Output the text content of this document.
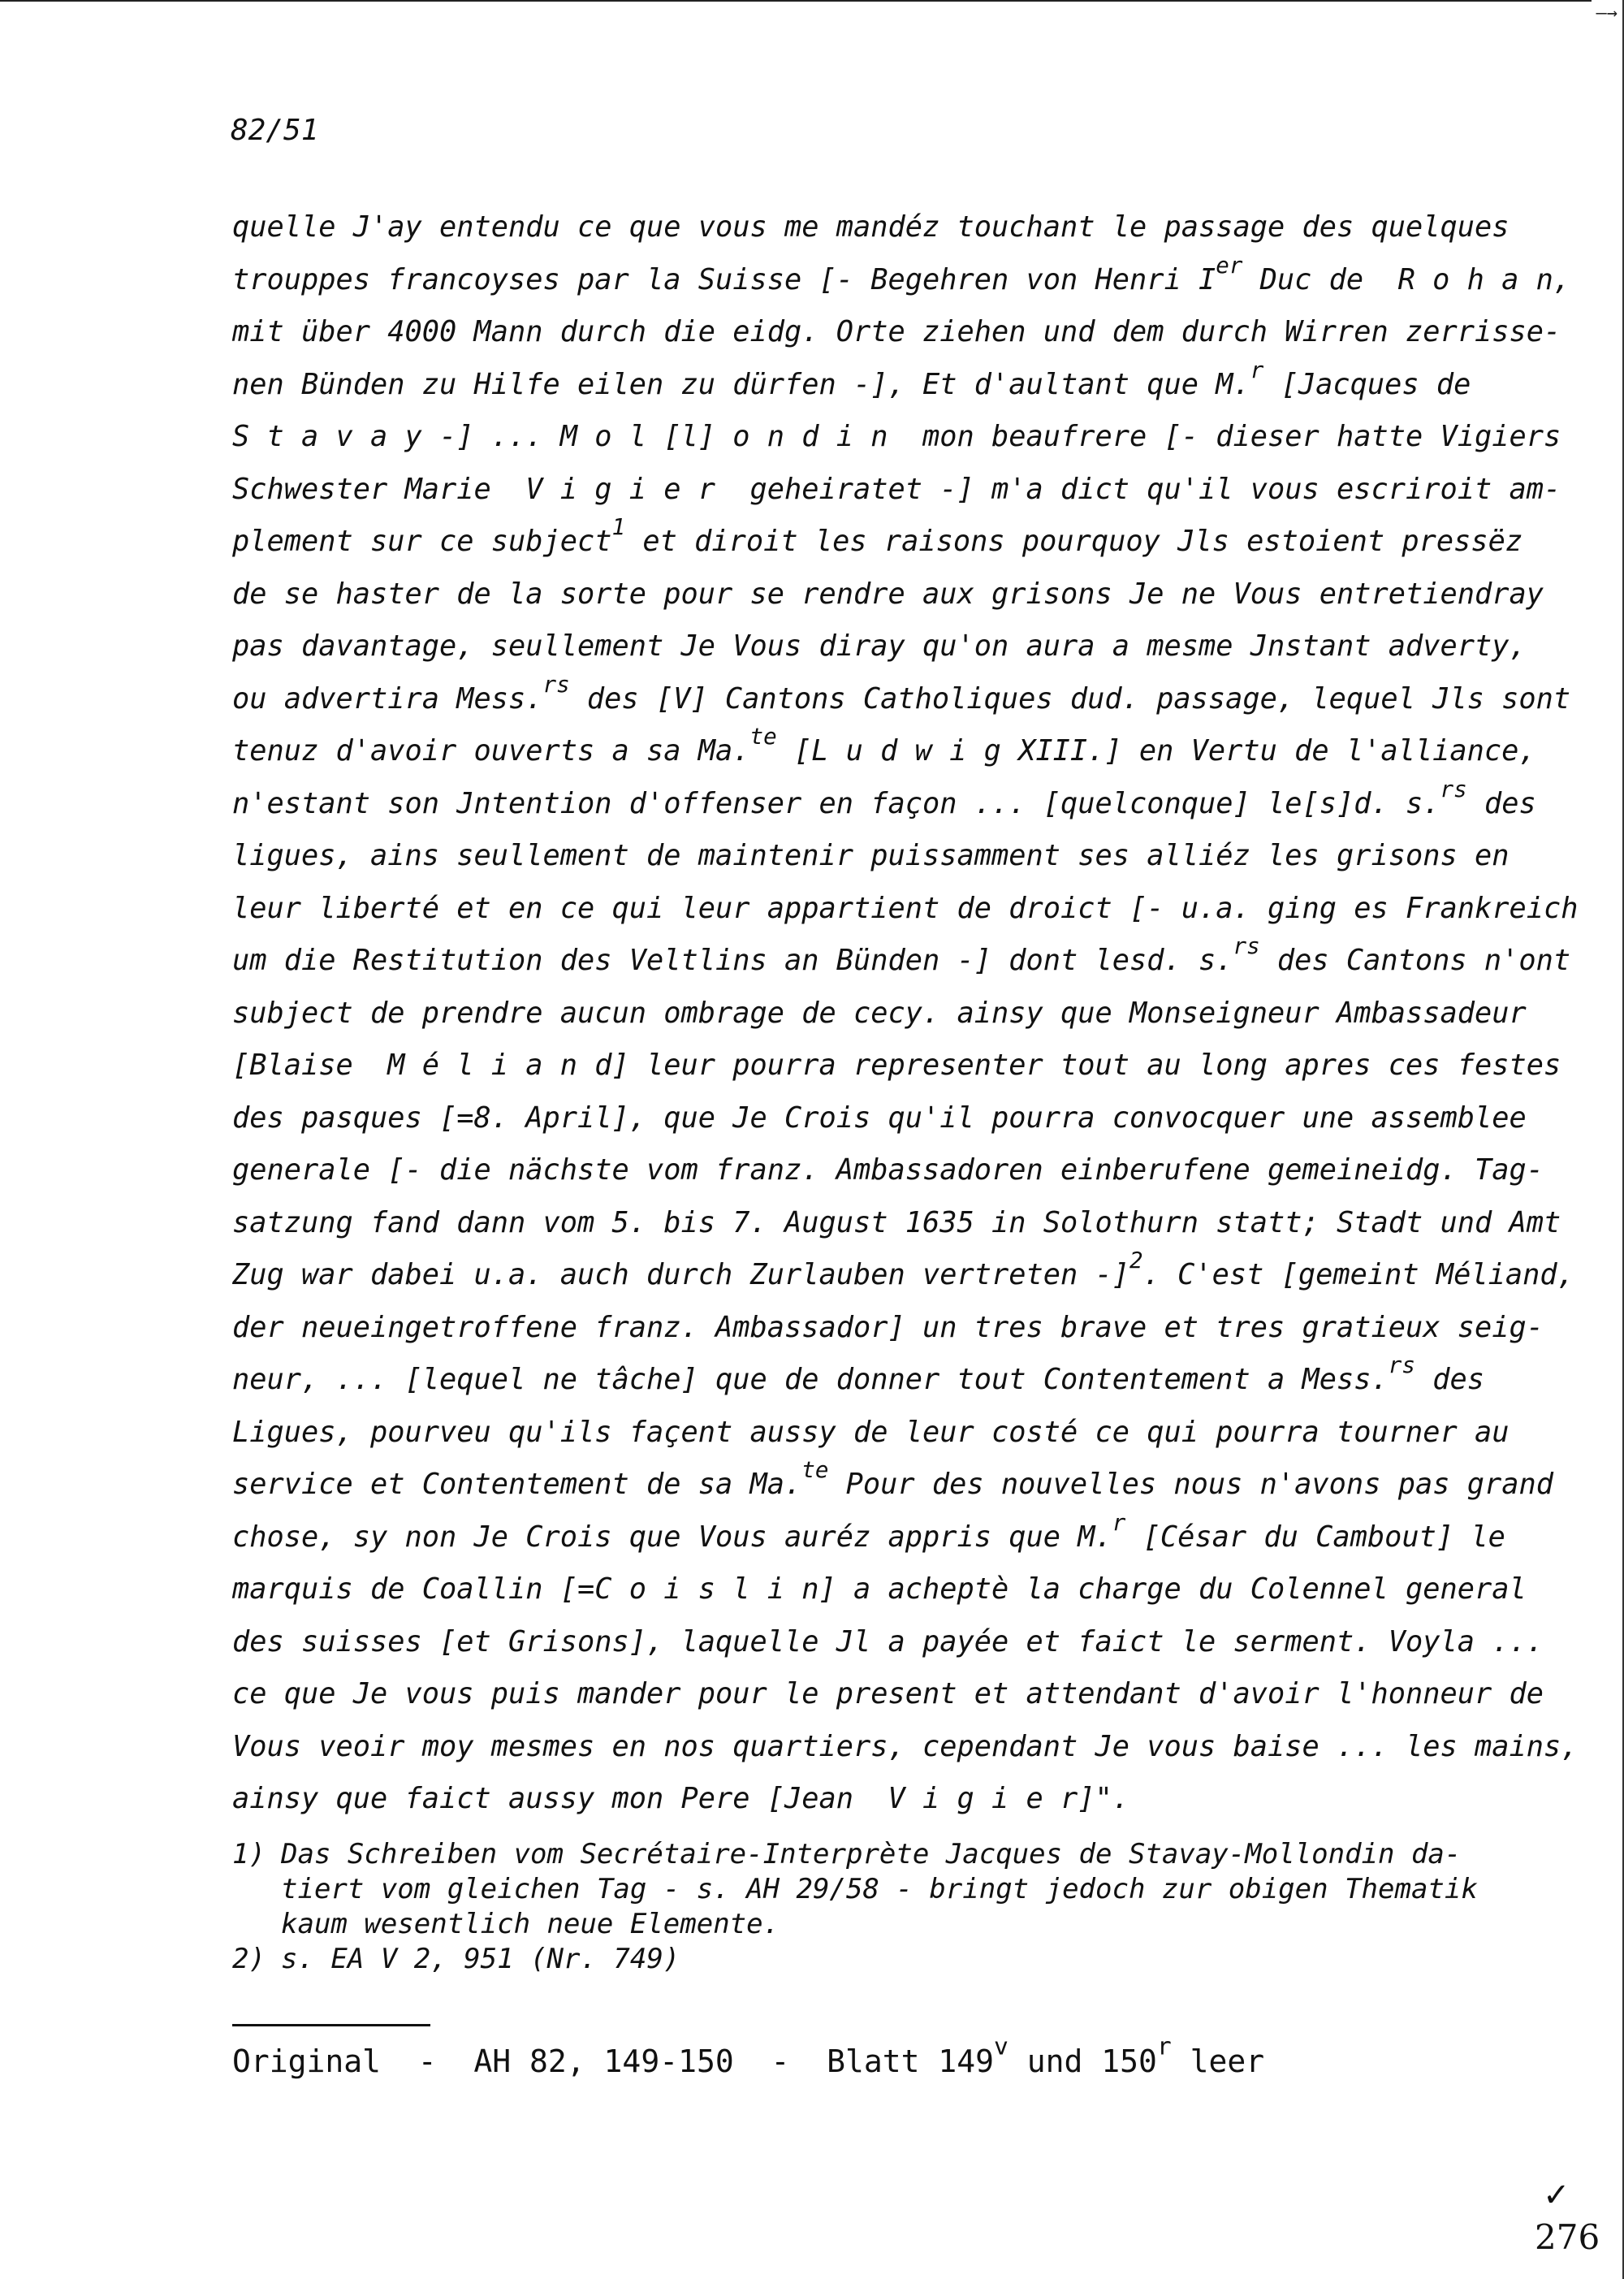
—→
82/51
quelle J'ay entendu ce que vous me mandéz touchant le passage des quelques
trouppes francoyses par la Suisse [- Begehren von Henri Ier Duc de  R o h a n,
mit über 4000 Mann durch die eidg. Orte ziehen und dem durch Wirren zerrisse-
nen Bünden zu Hilfe eilen zu dürfen -], Et d'aultant que M.$^r$ [Jacques de
S t a v a y -] ... M o l [l] o n d i n  mon beaufrere [- dieser hatte Vigiers
Schwester Marie  V i g i e r  geheiratet -] m'a dict qu'il vous escriroit am-
plement sur ce subject$^1$ et diroit les raisons pourquoy Jls estoient pressëz
de se haster de la sorte pour se rendre aux grisons Je ne Vous entretiendray
pas davantage, seullement Je Vous diray qu'on aura a mesme Jnstant adverty,
ou advertira Mess.$^{rs}$ des [V] Cantons Catholiques dud. passage, lequel Jls sont
tenuz d'avoir ouverts a sa Ma.$^{te}$ [L u d w i g XIII.] en Vertu de l'alliance,
n'estant son Jntention d'offenser en façon ... [quelconque] le[s]d. s.$^{rs}$ des
ligues, ains seullement de maintenir puissamment ses alliéz les grisons en
leur liberté et en ce qui leur appartient de droict [- u.a. ging es Frankreich
um die Restitution des Veltlins an Bünden -] dont lesd. s.$^{rs}$ des Cantons n'ont
subject de prendre aucun ombrage de cecy. ainsy que Monseigneur Ambassadeur
[Blaise  M é l i a n d] leur pourra representer tout au long apres ces festes
des pasques [=8. April], que Je Crois qu'il pourra convocquer une assemblee
generale [- die nächste vom franz. Ambassadoren einberufene gemeineidg. Tag-
satzung fand dann vom 5. bis 7. August 1635 in Solothurn statt; Stadt und Amt
Zug war dabei u.a. auch durch Zurlauben vertreten -]$^2$. C'est [gemeint Méliand,
der neueingetroffene franz. Ambassador] un tres brave et tres gratieux seig-
neur, ... [lequel ne tâche] que de donner tout Contentement a Mess.$^{rs}$ des
Ligues, pourveu qu'ils façent aussy de leur costé ce qui pourra tourner au
service et Contentement de sa Ma.$^{te}$ Pour des nouvelles nous n'avons pas grand
chose, sy non Je Crois que Vous auréz appris que M.$^r$ [César du Cambout] le
marquis de Coallin [=C o i s l i n] a acheptè la charge du Colennel general
des suisses [et Grisons], laquelle Jl a payée et faict le serment. Voyla ...
ce que Je vous puis mander pour le present et attendant d'avoir l'honneur de
Vous veoir moy mesmes en nos quartiers, cependant Je vous baise ... les mains,
ainsy que faict aussy mon Pere [Jean  V i g i e r]".
1) Das Schreiben vom Secrétaire-Interprète Jacques de Stavay-Mollondin da-
tiert vom gleichen Tag - s. AH 29/58 - bringt jedoch zur obigen Thematik
kaum wesentlich neue Elemente.
2) s. EA V 2, 951 (Nr. 749)
Original  -  AH 82, 149-150  -  Blatt 149$^v$ und 150$^r$ leer
✓
276
